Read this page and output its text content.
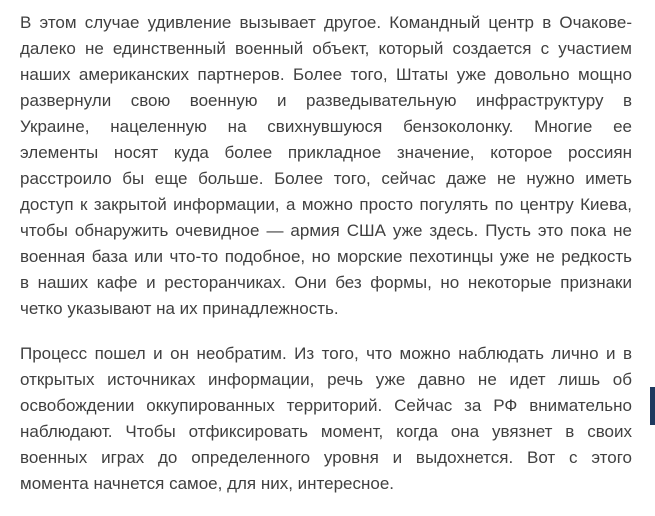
В этом случае удивление вызывает другое. Командный центр в Очакове-
далеко не единственный военный объект, который создается с участием
наших американских партнеров. Более того, Штаты уже довольно мощно
развернули свою военную и разведывательную инфраструктуру в
Украине, нацеленную на свихнувшуюся бензоколонку. Многие ее
элементы носят куда более прикладное значение, которое россиян
расстроило бы еще больше. Более того, сейчас даже не нужно иметь
доступ к закрытой информации, а можно просто погулять по центру Киева,
чтобы обнаружить очевидное — армия США уже здесь. Пусть это пока не
военная база или что-то подобное, но морские пехотинцы уже не редкость
в наших кафе и ресторанчиках. Они без формы, но некоторые признаки
четко указывают на их принадлежность.

Процесс пошел и он необратим. Из того, что можно наблюдать лично и в
открытых источниках информации, речь уже давно не идет лишь об
освобождении оккупированных территорий. Сейчас за РФ внимательно
наблюдают. Чтобы отфиксировать момент, когда она увязнет в своих
военных играх до определенного уровня и выдохнется. Вот с этого
момента начнется самое, для них, интересное.
